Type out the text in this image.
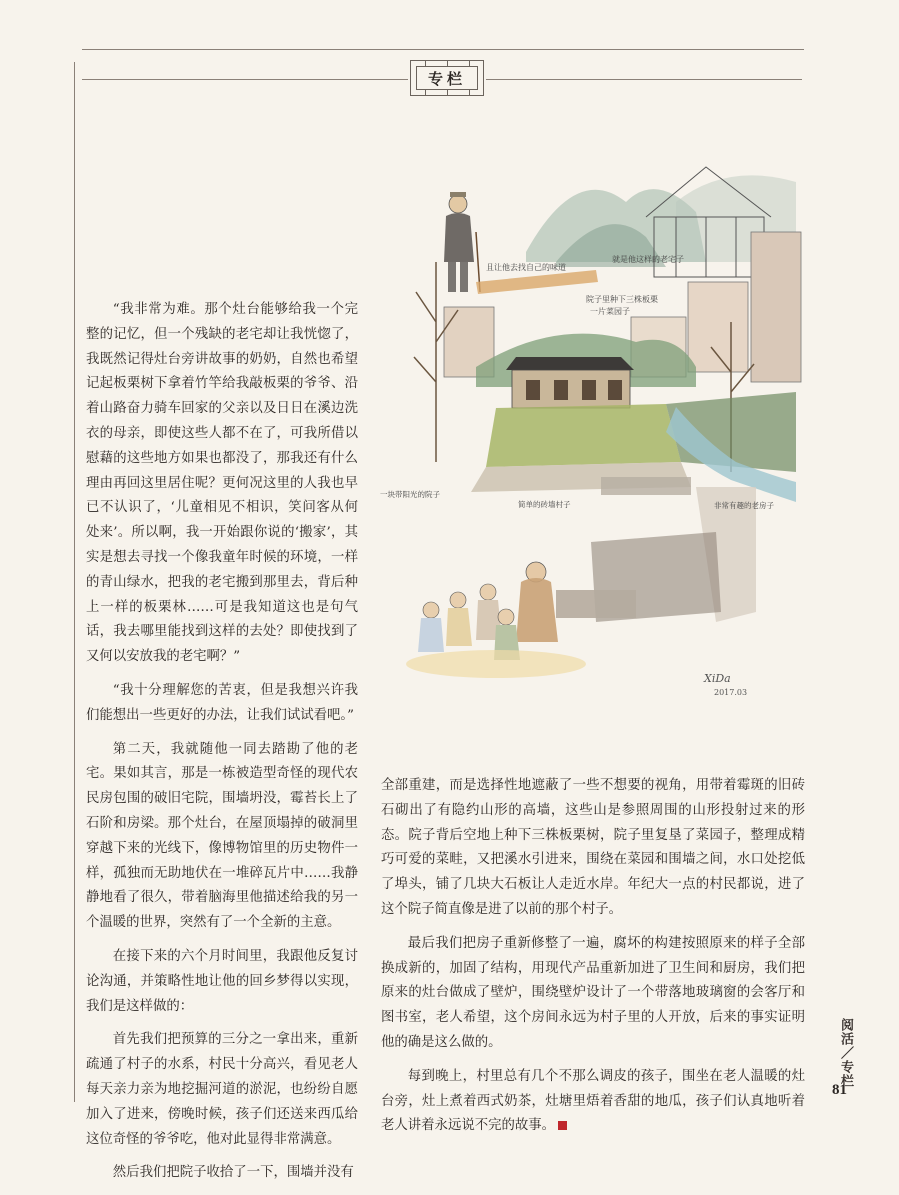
专栏
且让他去找自己的味道
就是他这样的老宅子
院子里种下三株板栗
一片菜园子
一块带阳光的院子
简单的砖墙村子	非常有趣的老房子
XiDa
2017.03

“我非常为难。那个灶台能够给我一个完整的记忆，但一个残缺的老宅却让我恍惚了，我既然记得灶台旁讲故事的奶奶，自然也希望记起板栗树下拿着竹竿给我敲板栗的爷爷、沿着山路奋力骑车回家的父亲以及日日在溪边洗衣的母亲，即使这些人都不在了，可我所借以慰藉的这些地方如果也都没了，那我还有什么理由再回这里居住呢？更何况这里的人我也早已不认识了，‘儿童相见不相识，笑问客从何处来’。所以啊，我一开始跟你说的‘搬家’，其实是想去寻找一个像我童年时候的环境，一样的青山绿水，把我的老宅搬到那里去，背后种上一样的板栗林……可是我知道这也是句气话，我去哪里能找到这样的去处？即使找到了又何以安放我的老宅啊？”

“我十分理解您的苦衷，但是我想兴许我们能想出一些更好的办法，让我们试试看吧。”

第二天，我就随他一同去踏勘了他的老宅。果如其言，那是一栋被造型奇怪的现代农民房包围的破旧宅院，围墙坍没，霉苔长上了石阶和房梁。那个灶台，在屋顶塌掉的破洞里穿越下来的光线下，像博物馆里的历史物件一样，孤独而无助地伏在一堆碎瓦片中……我静静地看了很久，带着脑海里他描述给我的另一个温暖的世界，突然有了一个全新的主意。

在接下来的六个月时间里，我跟他反复讨论沟通，并策略性地让他的回乡梦得以实现，我们是这样做的：

首先我们把预算的三分之一拿出来，重新疏通了村子的水系，村民十分高兴，看见老人每天亲力亲为地挖掘河道的淤泥，也纷纷自愿加入了进来，傍晚时候，孩子们还送来西瓜给这位奇怪的爷爷吃，他对此显得非常满意。

然后我们把院子收拾了一下，围墙并没有

全部重建，而是选择性地遮蔽了一些不想要的视角，用带着霉斑的旧砖石砌出了有隐约山形的高墙，这些山是参照周围的山形投射过来的形态。院子背后空地上种下三株板栗树，院子里复垦了菜园子，整理成精巧可爱的菜畦，又把溪水引进来，围绕在菜园和围墙之间，水口处挖低了埠头，铺了几块大石板让人走近水岸。年纪大一点的村民都说，进了这个院子简直像是进了以前的那个村子。

最后我们把房子重新修整了一遍，腐坏的构建按照原来的样子全部换成新的，加固了结构，用现代产品重新加进了卫生间和厨房，我们把原来的灶台做成了壁炉，围绕壁炉设计了一个带落地玻璃窗的会客厅和图书室，老人希望，这个房间永远为村子里的人开放，后来的事实证明他的确是这么做的。

每到晚上，村里总有几个不那么调皮的孩子，围坐在老人温暖的灶台旁，灶上煮着西式奶茶，灶塘里焐着香甜的地瓜，孩子们认真地听着老人讲着永远说不完的故事。

阅活／专栏
81
